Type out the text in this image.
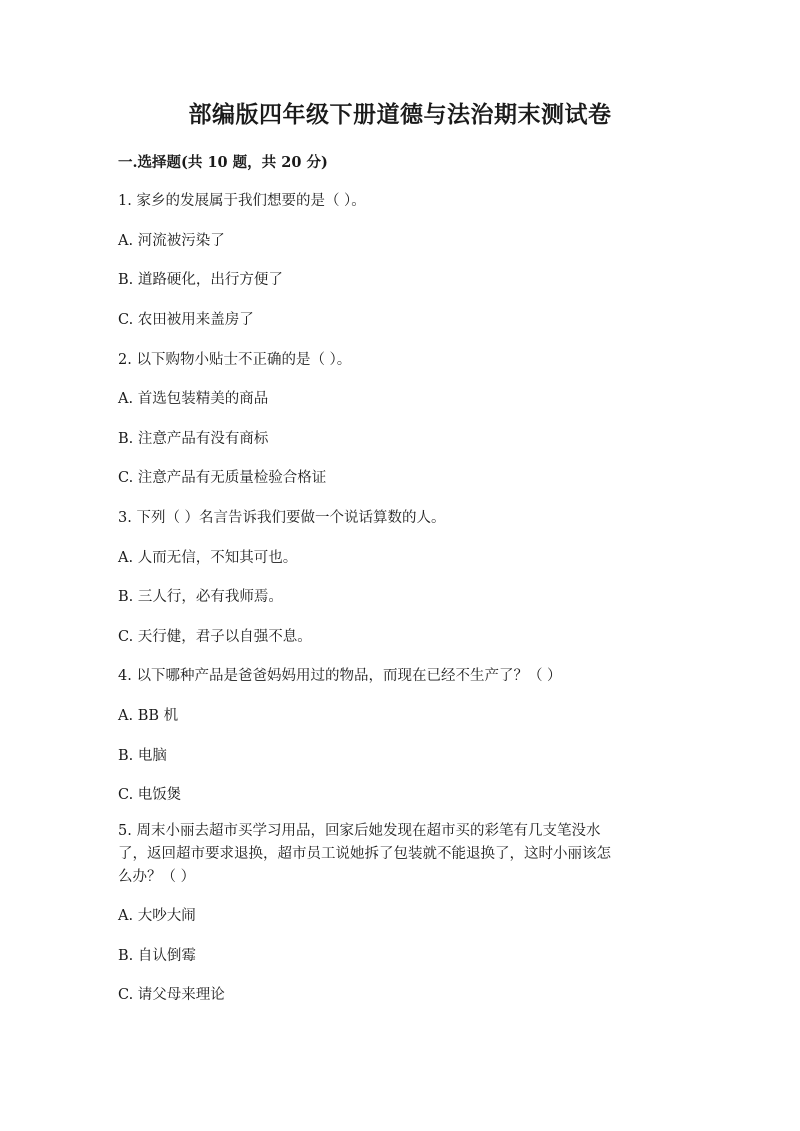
部编版四年级下册道德与法治期末测试卷
一.选择题(共 10 题，共 20 分)
1. 家乡的发展属于我们想要的是（ ）。
A. 河流被污染了
B. 道路硬化，出行方便了
C. 农田被用来盖房了
2. 以下购物小贴士不正确的是（ ）。
A. 首选包装精美的商品
B. 注意产品有没有商标
C. 注意产品有无质量检验合格证
3. 下列（ ）名言告诉我们要做一个说话算数的人。
A. 人而无信，不知其可也。
B. 三人行，必有我师焉。
C. 天行健，君子以自强不息。
4. 以下哪种产品是爸爸妈妈用过的物品，而现在已经不生产了？（ ）
A. BB 机
B. 电脑
C. 电饭煲
5. 周末小丽去超市买学习用品，回家后她发现在超市买的彩笔有几支笔没水
了，返回超市要求退换，超市员工说她拆了包装就不能退换了，这时小丽该怎
么办？（ ）
A. 大吵大闹
B. 自认倒霉
C. 请父母来理论
